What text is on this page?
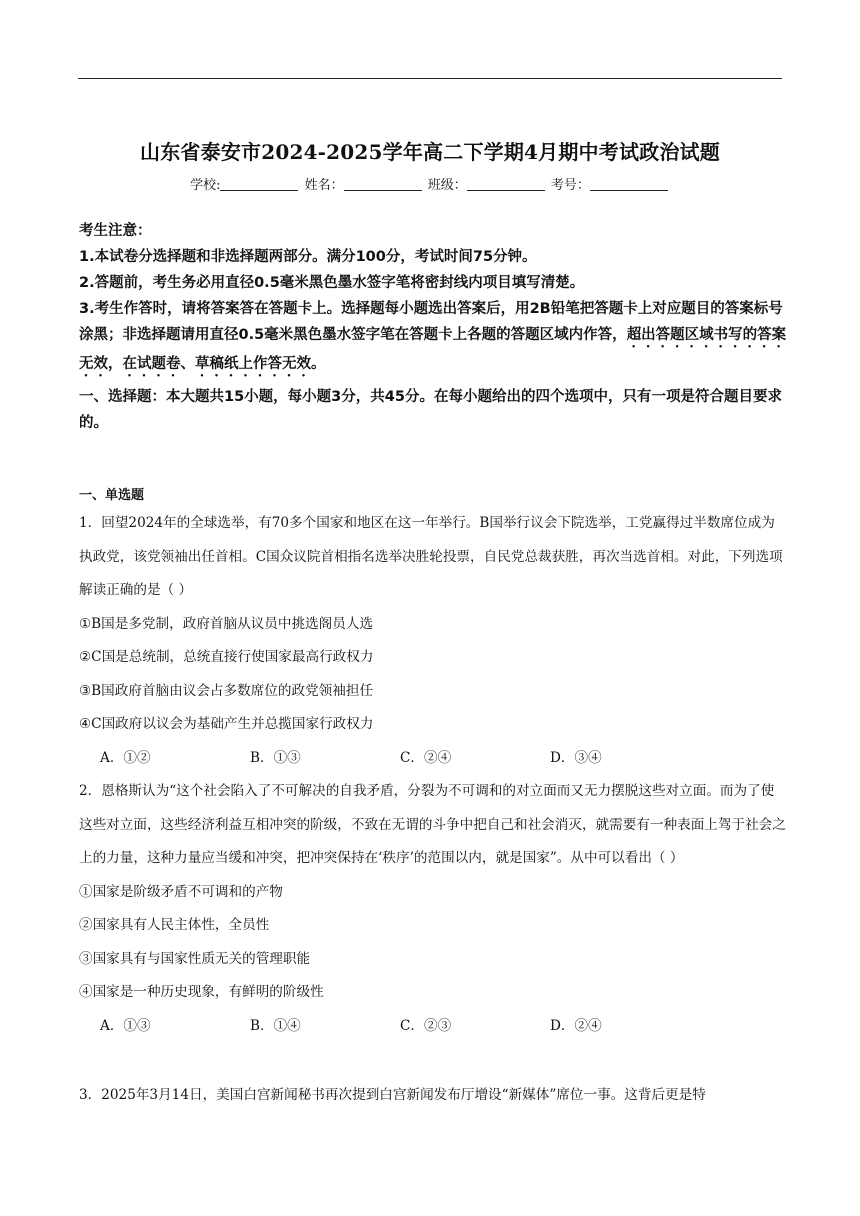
山东省泰安市2024-2025学年高二下学期4月期中考试政治试题
学校:	姓名：	班级：	考号：

考生注意：

1.本试卷分选择题和非选择题两部分。满分100分，考试时间75分钟。

2.答题前，考生务必用直径0.5毫米黑色墨水签字笔将密封线内项目填写清楚。

3.考生作答时，请将答案答在答题卡上。选择题每小题选出答案后，用2B铅笔把答题卡上对应题目的答案标号涂黑；非选择题请用直径0.5毫米黑色墨水签字笔在答题卡上各题的答题区域内作答，超出答题区域书写的答案无效，在试题卷、草稿纸上作答无效。

一、选择题：本大题共15小题，每小题3分，共45分。在每小题给出的四个选项中，只有一项是符合题目要求的。

一、单选题

1．回望2024年的全球选举，有70多个国家和地区在这一年举行。B国举行议会下院选举，工党赢得过半数席位成为执政党，该党领袖出任首相。C国众议院首相指名选举决胜轮投票，自民党总裁获胜，再次当选首相。对此，下列选项解读正确的是（ ）

①B国是多党制，政府首脑从议员中挑选阁员人选

②C国是总统制，总统直接行使国家最高行政权力

③B国政府首脑由议会占多数席位的政党领袖担任

④C国政府以议会为基础产生并总揽国家行政权力

A．①②	B．①③	C．②④	D．③④

2．恩格斯认为“这个社会陷入了不可解决的自我矛盾，分裂为不可调和的对立面而又无力摆脱这些对立面。而为了使这些对立面，这些经济利益互相冲突的阶级，不致在无谓的斗争中把自己和社会消灭，就需要有一种表面上驾于社会之上的力量，这种力量应当缓和冲突，把冲突保持在‘秩序’的范围以内，就是国家”。从中可以看出（ ）

①国家是阶级矛盾不可调和的产物

②国家具有人民主体性，全员性

③国家具有与国家性质无关的管理职能

④国家是一种历史现象，有鲜明的阶级性

A．①③	B．①④	C．②③	D．②④

3．2025年3月14日，美国白宫新闻秘书再次提到白宫新闻发布厅增设“新媒体”席位一事。这背后更是特
